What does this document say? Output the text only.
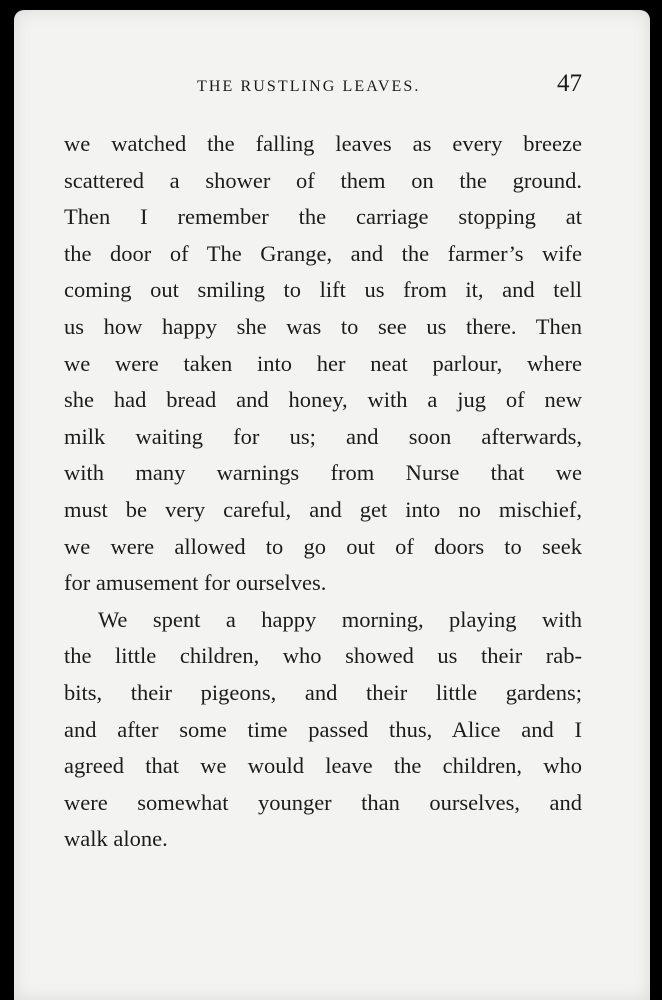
THE RUSTLING LEAVES.	47
we watched the falling leaves as every breeze
scattered a shower of them on the ground.
Then I remember the carriage stopping at
the door of The Grange, and the farmer’s wife
coming out smiling to lift us from it, and tell
us how happy she was to see us there. Then
we were taken into her neat parlour, where
she had bread and honey, with a jug of new
milk waiting for us; and soon afterwards,
with many warnings from Nurse that we
must be very careful, and get into no mischief,
we were allowed to go out of doors to seek
for amusement for ourselves.
We spent a happy morning, playing with
the little children, who showed us their rab-
bits, their pigeons, and their little gardens;
and after some time passed thus, Alice and I
agreed that we would leave the children, who
were somewhat younger than ourselves, and
walk alone.
